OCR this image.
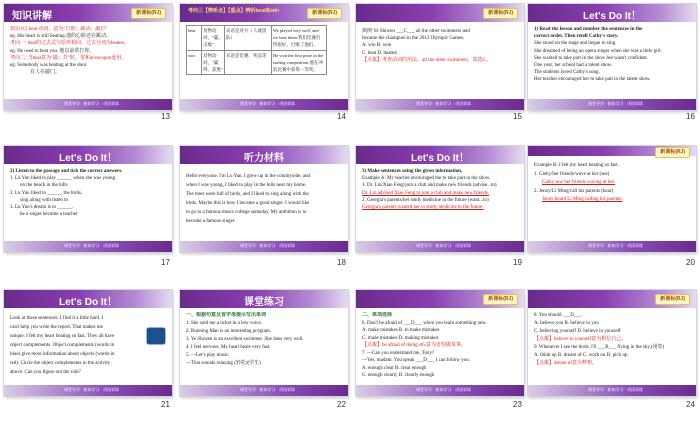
知识讲解	新课标(RJ)
知识点3 beat 动词，意为"打败；跳动；敲打"
eg. His heart is still beating.他的心脏还在跳动。
考向一: beat的过去式与原形相同，过去分词为beaten。
eg. He used to beat you. 他以前常打你。
考向二: 当beat意为"敲；打"时，常和at/on/upon连用。
eg. Somebody was beating at the door.
有人在敲门。
课堂导学 · 新知学习 · 巩固训练
13
考向三【辨析点】【重点】辨析beat和win	新课标(RJ)
beat	及物动词，"赢，击败"	宾语是对方（人或团队）	We played very well, and we beat them.我们比赛打得很好，打败了他们。
win	及物动词，"赢得，获胜"	宾语是比赛、奖品等	He won the first prize in the surfing competition.他在冲浪比赛中获得一等奖。
课堂导学 · 新知学习 · 巩固训练
14
新课标(RJ)
典例 Ye Shiwen ___C___ all the other swimmers and
became the champion in the 2012 Olympic Games.
A. win B. won
C. beat D. beated
【点拨】考查动词的用法。all the other swimmers，故选C。
课堂导学 · 新知学习 · 巩固训练
15
Let's Do It！
1) Read the lesson and number the sentences in the
correct order. Then retell Cathy's story.
She stood on the stage and began to sing.
She dreamed of being an opera singer when she was a little girl.
She wanted to take part in the show but wasn't confident.
One year, her school had a talent show.
The students loved Cathy's song.
Her teacher encouraged her to take part in the talent show.
课堂导学 · 新知学习 · 巩固训练
16
Let's Do It！
2) Listen to the passage and tick the correct answers.
1. Lu Yun liked to play ______ when she was young.
on the beach in the hills
2. Lu Yun liked to ______ the birds.
sing along with listen to
3. Lu Yun's dream is to ______.
be a singer become a teacher
课堂导学 · 新知学习 · 巩固训练
17
听力材料
Hello everyone. I'm Lu Yun. I grew up in the countryside, and
when I was young, I liked to play in the hills near my home.
The trees were full of birds, and I liked to sing along with the
birds. Maybe this is how I became a good singer. I would like
to go to a famous music college someday. My ambition is to
become a famous singer.
课堂导学 · 新知学习 · 巩固训练
18
Let's Do It！
3) Make sentences using the given information.
Example A: My teacher encouraged me to take part in the show.
1. Dr. Lin/Xiao Feng/join a club and make new friends (advise...to)
Dr. Lin advised Xiao Feng to join a club and make new friends.
2. Georgia's parents/her study medicine in the future (want...to)
Georgia's parents wanted her to study medicine in the future.
课堂导学 · 新知学习 · 巩固训练
19
新课标(RJ)
Example B: I felt my heart beating so fast.
1. Cathy/her friends/wave at her (see)
Cathy saw her friends waving at her.
2. Jenny/Li Ming/call his parents (hear)
Jenny heard Li Ming calling his parents.
课堂导学 · 新知学习 · 巩固训练
20
Let's Do It！
Look at these sentences: I find it a little hard. I
can't help you write the report. That makes me
unique. I felt my heart beating so fast. They all have
object complements. Object complements (words in
blue) give more information about objects (words in
red). Circle the object complements in the activity
above. Can you figure out the rule?
课堂导学 · 新知学习 · 巩固训练
21
课堂练习
一、根据句意及首字母提示写出单词
1. She sold me a ticket in a low voice.
2. Running Man is an interesting program.
3. Ye Shiwen is an excellent swimmer. She does very well.
4. I feel nervous. My heart beats very fast.
5. —Let's play music.
—That sounds relaxing (轻松)(学生)
课堂导学 · 新知学习 · 巩固训练
22
新课标(RJ)
二、单项选择
6. Don't be afraid of ___D___ when you learn something new.
A. make mistakes B. to make mistakes
C. made mistakes D. making mistakes
【点拨】be afraid of doing sth.意为害怕做某事。
7. —Can you understand me, Tony?
—Yes, madam. You speak ___D___ I can follow you.
A. enough clear B. clear enough
C. enough clearly D. clearly enough
课堂导学 · 新知学习 · 巩固训练
23
新课标(RJ)
8. You should ___D___.
A. believe you B. believe in you
C. believing yourself D. believe in yourself
【点拨】believe in yourself意为相信自己。
9. Whenever I see the birds, I'll ___B___ flying in the sky.(闭卷)
A. think up B. dream of C. work on D. pick up
【点拨】dream of意为梦想。
课堂导学 · 新知学习 · 巩固训练
24
